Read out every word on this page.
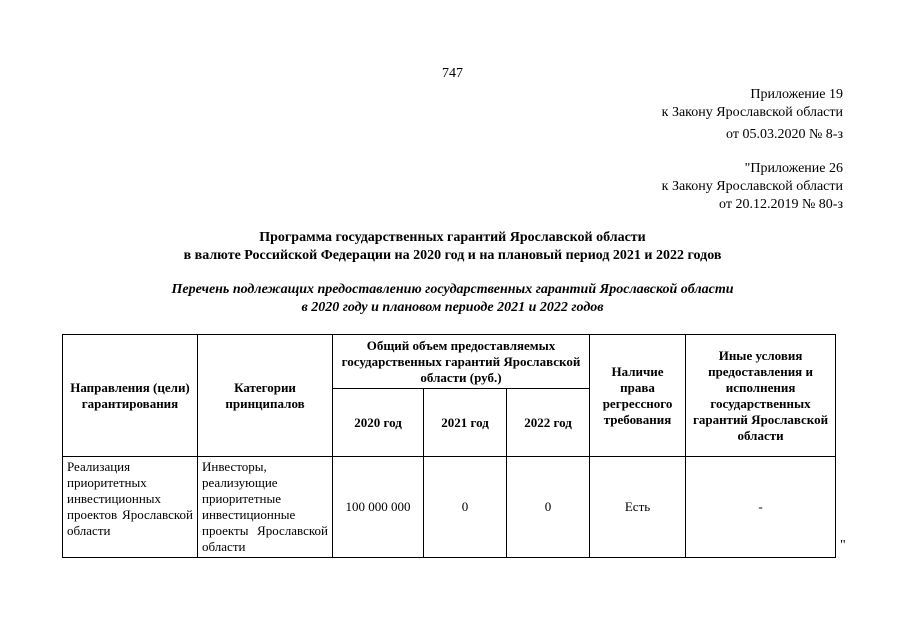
747
Приложение 19
к Закону Ярославской области
от 05.03.2020 № 8-з
"Приложение 26
к Закону Ярославской области
от 20.12.2019 № 80-з
Программа государственных гарантий Ярославской области
в валюте Российской Федерации на 2020 год и на плановый период 2021 и 2022 годов
Перечень подлежащих предоставлению государственных гарантий Ярославской области
в 2020 году и плановом периоде 2021 и 2022 годов
Направления (цели) гарантирования	Категории принципалов	Общий объем предоставляемых государственных гарантий Ярославской области (руб.)			Наличие права регрессного требования	Иные условия предоставления и исполнения государственных гарантий Ярославской области
		2020 год	2021 год	2022 год		
Реализация приоритетных инвестиционных проектов Ярославской области	Инвесторы, реализующие приоритетные инвестиционные проекты Ярославской области	100 000 000	0	0	Есть	-
"
